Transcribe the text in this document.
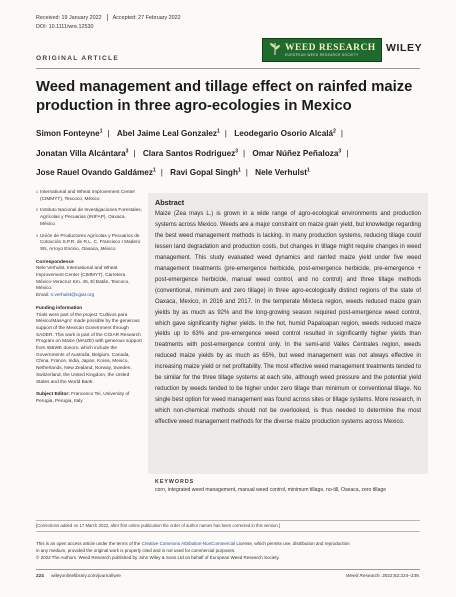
Received: 19 January 2022 Accepted: 27 February 2022
DOI: 10.1111/wre.12530
ORIGINAL ARTICLE
WEED RESEARCH
EUROPEAN WEED RESEARCH SOCIETY
WILEY
Weed management and tillage effect on rainfed maize production in three agro-ecologies in Mexico
Simon Fonteyne$^1$ | Abel Jaime Leal Gonzalez$^1$ | Leodegario Osorio Alcalá$^2$ | Jonatan Villa Alcántara$^3$ | Clara Santos Rodriguez$^3$ | Omar Núñez Peñaloza$^3$ | Jose Rauel Ovando Galdámez$^1$ | Ravi Gopal Singh$^1$ | Nele Verhulst$^1$
1 International and Wheat Improvement Center (CIMMYT), Texcoco, México
2 Instituto Nacional de Investigaciones Forestales, Agrícolas y Pecuarias (INIFAP), Oaxaca, México
3 Unión de Productores Agrícolas y Pecuarios de Cotoxción S.P.R. de R.L. C. Francisco I Madero SN, Arroyo Encino, Oaxaca, México

Correspondence
Nele Verhulst, International and Wheat Improvement Center (CIMMYT), Carretera México-Veracruz Km. 45, El Batán, Texcoco, México.
Email: n.verhulst@cgiar.org

Funding information
Trials were part of the project 'Cultivos para México/MasAgro' made possible by the generous support of the Mexican Government through SADER. This work is part of the CGIAR Research Program on Maize (MAIZE) with generous support from W&WE donors, which include the Governments of Australia, Belgium, Canada, China, France, India, Japan, Korea, Mexico, Netherlands, New Zealand, Norway, Sweden, Switzerland, the United Kingdom, the United States and the World Bank.

Subject Editor: Francesco Tei, University of Perugia, Perugia, Italy

Abstract
Maize (Zea mays L.) is grown in a wide range of agro-ecological environments and production systems across Mexico. Weeds are a major constraint on maize grain yield, but knowledge regarding the best weed management methods is lacking. In many production systems, reducing tillage could lessen land degradation and production costs, but changes in tillage might require changes in weed management. This study evaluated weed dynamics and rainfed maize yield under five weed management treatments (pre-emergence herbicide, post-emergence herbicide, pre-emergence + post-emergence herbicide, manual weed control, and no control) and three tillage methods (conventional, minimum and zero tillage) in three agro-ecologically distinct regions of the state of Oaxaca, Mexico, in 2016 and 2017. In the temperate Mixteca region, weeds reduced maize grain yields by as much as 92% and the long-growing season required post-emergence weed control, which gave significantly higher yields. In the hot, humid Papaloapan region, weeds reduced maize yields up to 63% and pre-emergence weed control resulted in significantly higher yields than treatments with post-emergence control only. In the semi-arid Valles Centrales region, weeds reduced maize yields by as much as 65%, but weed management was not always effective in increasing maize yield or net profitability. The most effective weed management treatments tended to be similar for the three tillage systems at each site, although weed pressure and the potential yield reduction by weeds tended to be higher under zero tillage than minimum or conventional tillage. No single best option for weed management was found across sites or tillage systems. More research, in which non-chemical methods should not be overlooked, is thus needed to determine the most effective weed management methods for the diverse maize production systems across Mexico.
KEYWORDS
corn, integrated weed management, manual weed control, minimum tillage, no-till, Oaxaca, zero tillage
[Corrections added on 17 March 2022, after first online publication the order of author names has been corrected in this version.]
This is an open access article under the terms of the Creative Commons Attribution-NonCommercial License, which permits use, distribution and reproduction
in any medium, provided the original work is properly cited and is not used for commercial purposes.
© 2022 The Authors. Weed Research published by John Wiley & Sons Ltd on behalf of European Weed Research Society.
224 wileyonlinelibrary.com/journal/wre	Weed Research. 2022;62:224–239.
